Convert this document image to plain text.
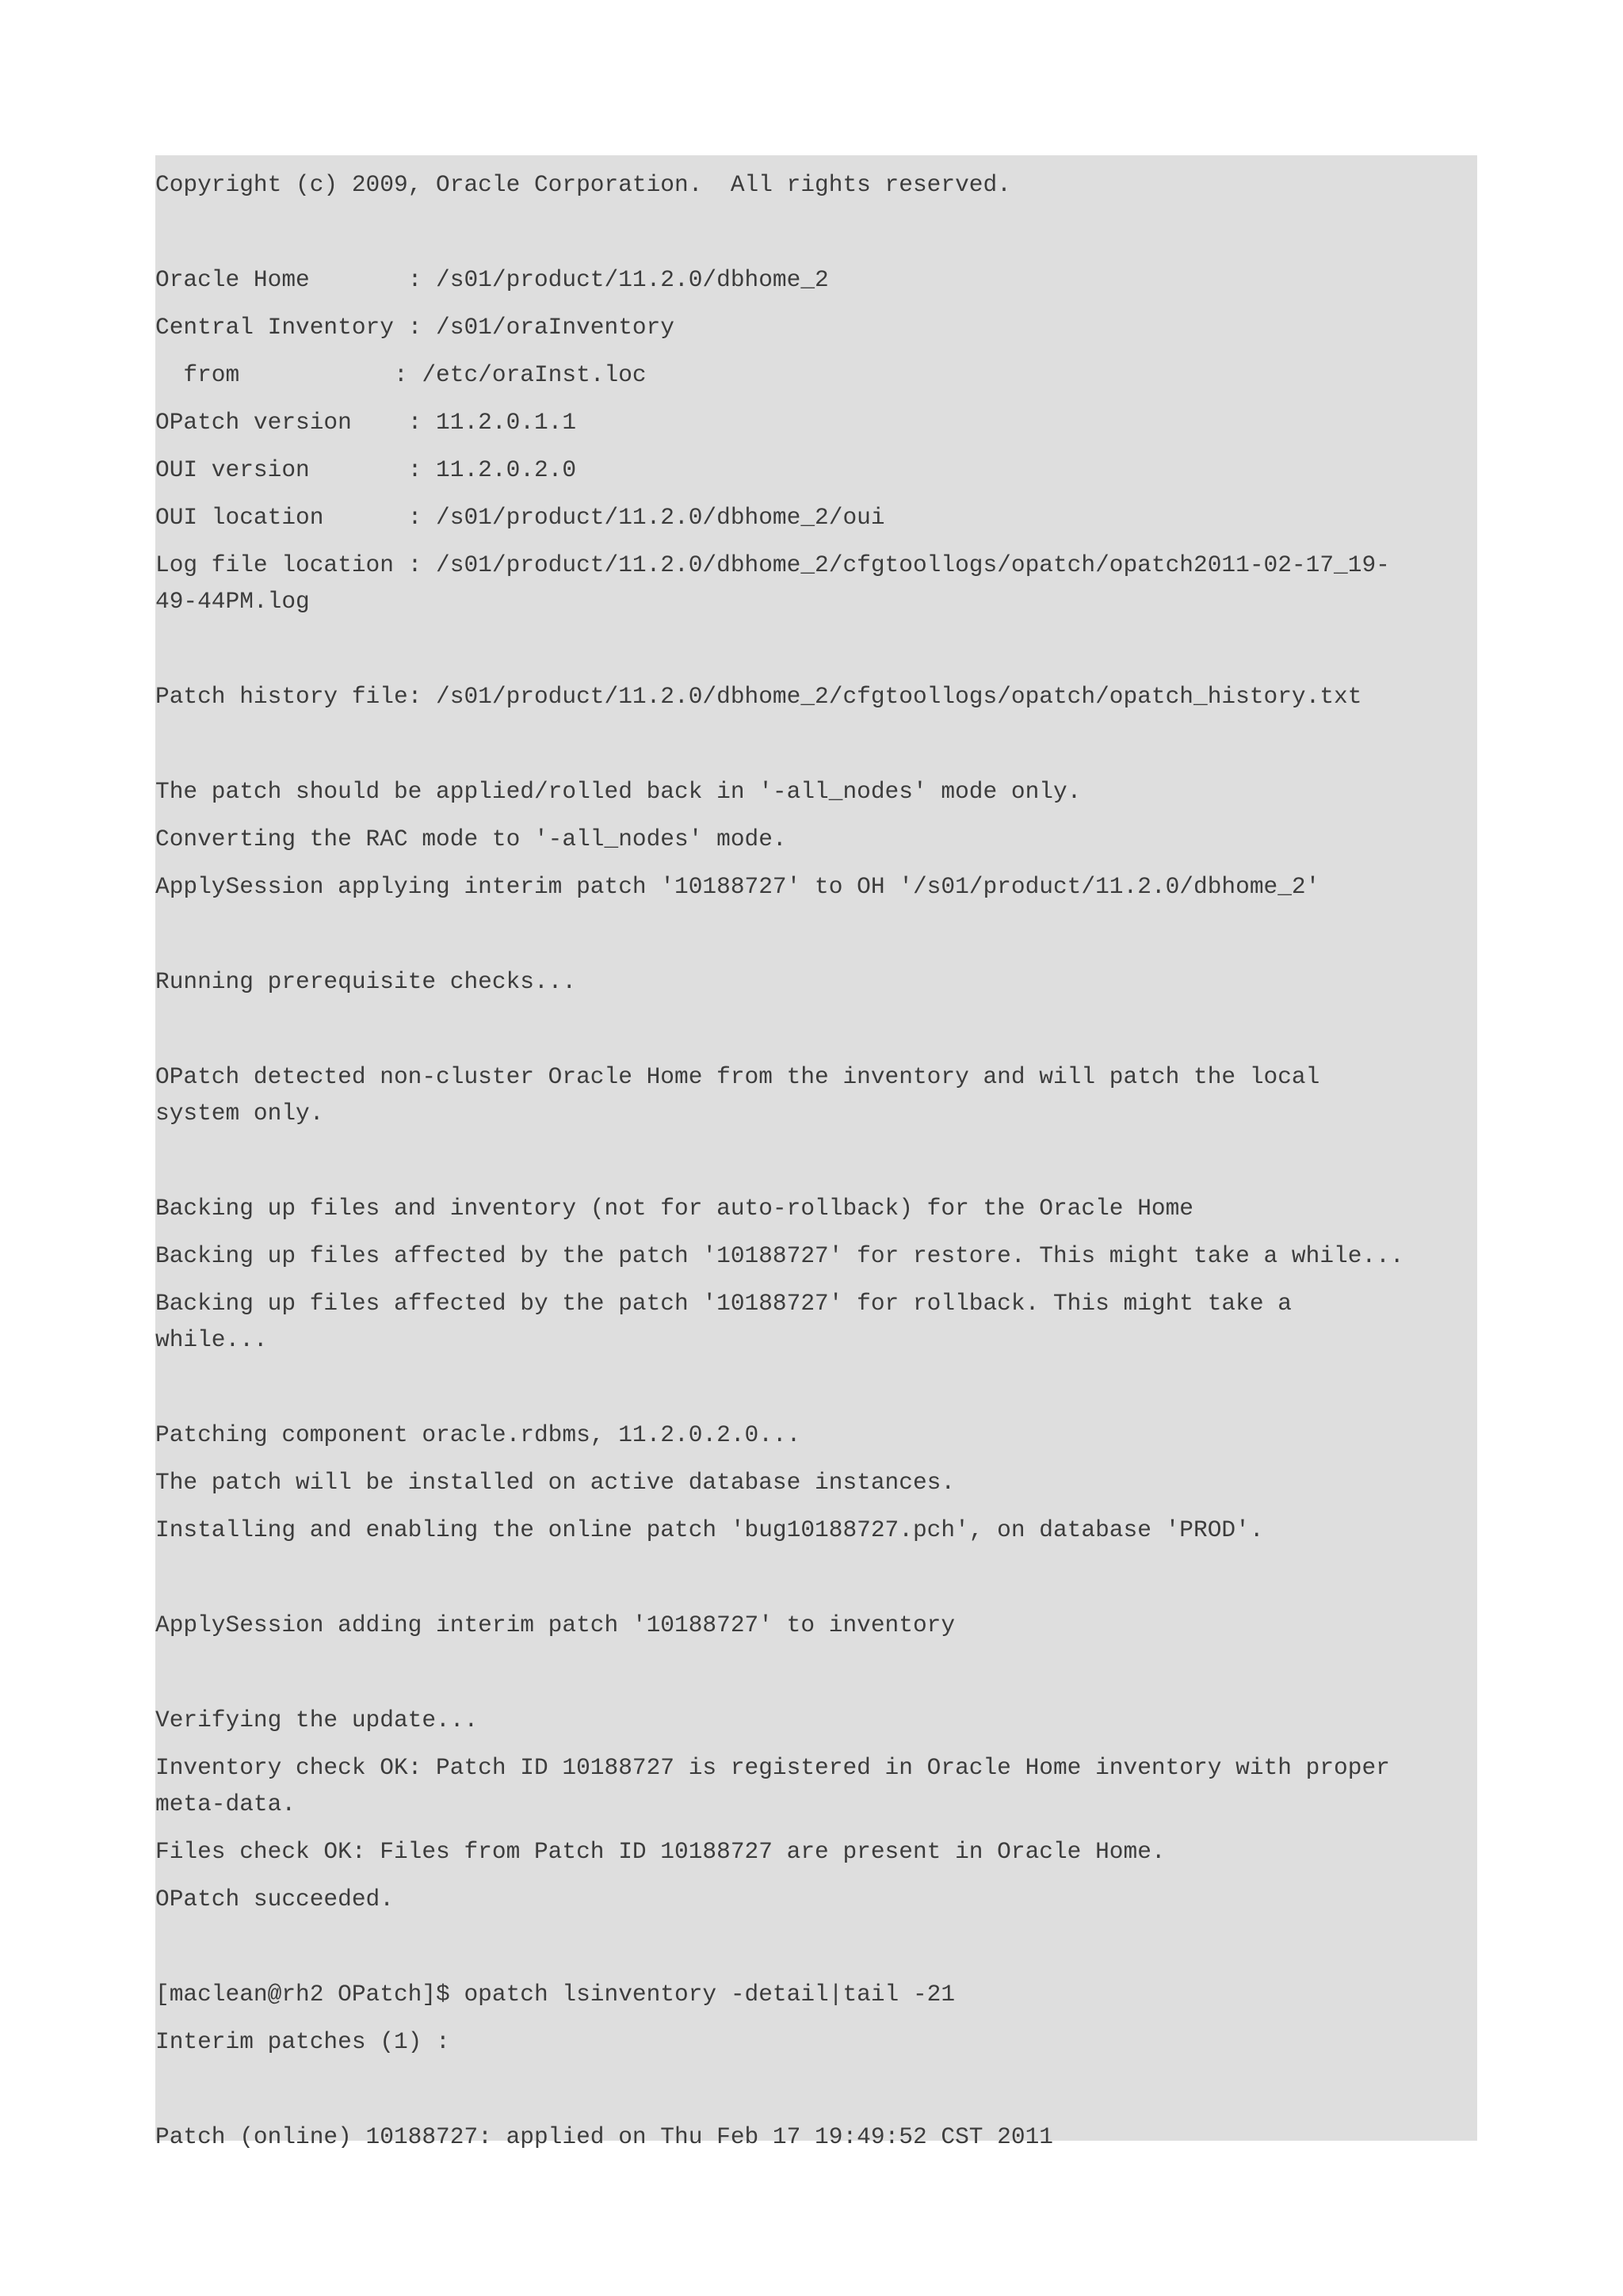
Copyright (c) 2009, Oracle Corporation.  All rights reserved.
Oracle Home       : /s01/product/11.2.0/dbhome_2
Central Inventory : /s01/oraInventory
from           : /etc/oraInst.loc
OPatch version    : 11.2.0.1.1
OUI version       : 11.2.0.2.0
OUI location      : /s01/product/11.2.0/dbhome_2/oui
Log file location : /s01/product/11.2.0/dbhome_2/cfgtoollogs/opatch/opatch2011-02-17_19-
49-44PM.log
Patch history file: /s01/product/11.2.0/dbhome_2/cfgtoollogs/opatch/opatch_history.txt
The patch should be applied/rolled back in '-all_nodes' mode only.
Converting the RAC mode to '-all_nodes' mode.
ApplySession applying interim patch '10188727' to OH '/s01/product/11.2.0/dbhome_2'
Running prerequisite checks...
OPatch detected non-cluster Oracle Home from the inventory and will patch the local
system only.
Backing up files and inventory (not for auto-rollback) for the Oracle Home
Backing up files affected by the patch '10188727' for restore. This might take a while...
Backing up files affected by the patch '10188727' for rollback. This might take a
while...
Patching component oracle.rdbms, 11.2.0.2.0...
The patch will be installed on active database instances.
Installing and enabling the online patch 'bug10188727.pch', on database 'PROD'.
ApplySession adding interim patch '10188727' to inventory
Verifying the update...
Inventory check OK: Patch ID 10188727 is registered in Oracle Home inventory with proper
meta-data.
Files check OK: Files from Patch ID 10188727 are present in Oracle Home.
OPatch succeeded.
[maclean@rh2 OPatch]$ opatch lsinventory -detail|tail -21
Interim patches (1) :
Patch (online) 10188727: applied on Thu Feb 17 19:49:52 CST 2011
